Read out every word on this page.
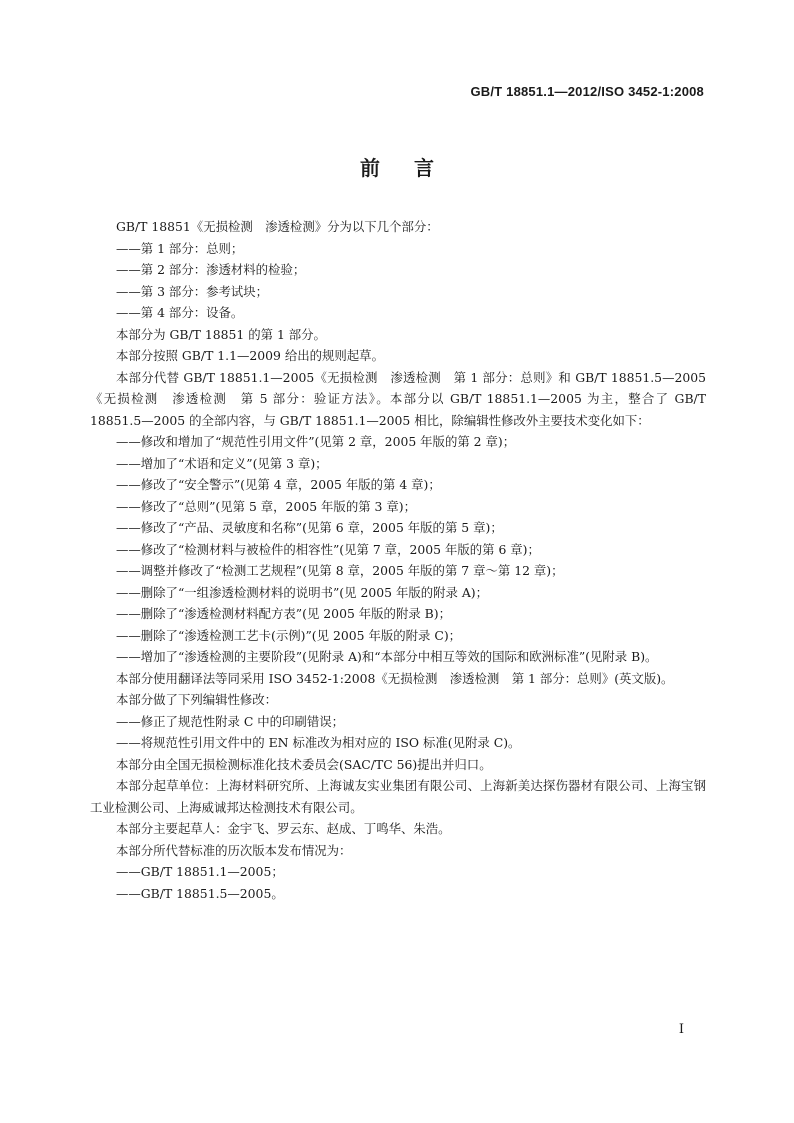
GB/T 18851.1—2012/ISO 3452-1:2008
前言

GB/T 18851《无损检测　渗透检测》分为以下几个部分：

——第 1 部分：总则；

——第 2 部分：渗透材料的检验；

——第 3 部分：参考试块；

——第 4 部分：设备。

本部分为 GB/T 18851 的第 1 部分。

本部分按照 GB/T 1.1—2009 给出的规则起草。

本部分代替 GB/T 18851.1—2005《无损检测　渗透检测　第 1 部分：总则》和 GB/T 18851.5—2005《无损检测　渗透检测　第 5 部分：验证方法》。本部分以 GB/T 18851.1—2005 为主，整合了 GB/T 18851.5—2005 的全部内容，与 GB/T 18851.1—2005 相比，除编辑性修改外主要技术变化如下：

——修改和增加了“规范性引用文件”(见第 2 章，2005 年版的第 2 章)；

——增加了“术语和定义”(见第 3 章)；

——修改了“安全警示”(见第 4 章，2005 年版的第 4 章)；

——修改了“总则”(见第 5 章，2005 年版的第 3 章)；

——修改了“产品、灵敏度和名称”(见第 6 章，2005 年版的第 5 章)；

——修改了“检测材料与被检件的相容性”(见第 7 章，2005 年版的第 6 章)；

——调整并修改了“检测工艺规程”(见第 8 章，2005 年版的第 7 章～第 12 章)；

——删除了“一组渗透检测材料的说明书”(见 2005 年版的附录 A)；

——删除了“渗透检测材料配方表”(见 2005 年版的附录 B)；

——删除了“渗透检测工艺卡(示例)”(见 2005 年版的附录 C)；

——增加了“渗透检测的主要阶段”(见附录 A)和“本部分中相互等效的国际和欧洲标准”(见附录 B)。

本部分使用翻译法等同采用 ISO 3452-1:2008《无损检测　渗透检测　第 1 部分：总则》(英文版)。

本部分做了下列编辑性修改：

——修正了规范性附录 C 中的印刷错误；

——将规范性引用文件中的 EN 标准改为相对应的 ISO 标准(见附录 C)。

本部分由全国无损检测标准化技术委员会(SAC/TC 56)提出并归口。

本部分起草单位：上海材料研究所、上海诚友实业集团有限公司、上海新美达探伤器材有限公司、上海宝钢工业检测公司、上海威诚邦达检测技术有限公司。

本部分主要起草人：金宇飞、罗云东、赵成、丁鸣华、朱浩。

本部分所代替标准的历次版本发布情况为：

——GB/T 18851.1—2005；

——GB/T 18851.5—2005。

I
